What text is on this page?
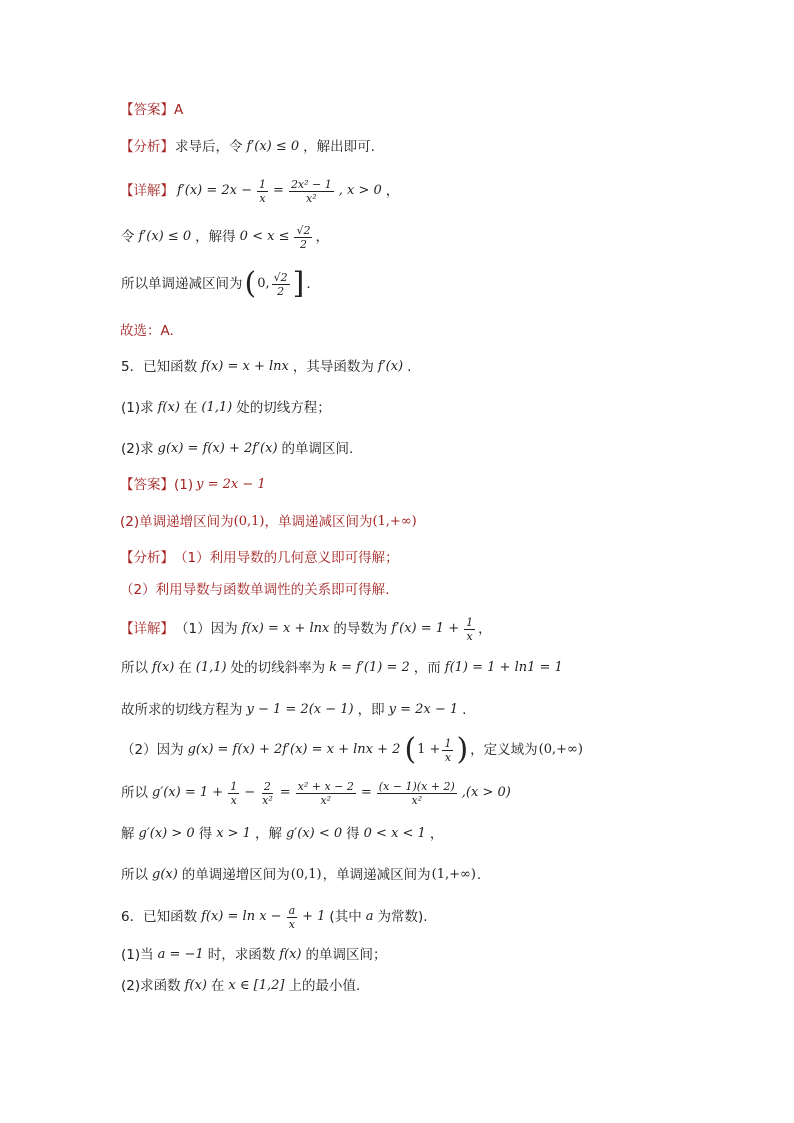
【答案】 A
【分析】 求导后，令 f′(x) ≤ 0 ，解出即可.
【详解】 $f'(x) = 2x - \frac{1}{x} = \frac{\text{2x² − 1}}{\text{x²}}$ , x > 0 ，
令 f′(x) ≤ 0 ，解得 $0 < x \le \frac{√2}{2}$ ，
所以单调递减区间为 ( 0, $\frac{√2}{2}$ ] .
故选：A.
5．已知函数 f(x) = x + lnx ，其导函数为 f′(x) .
(1)求 f(x) 在 (1,1) 处的切线方程；
(2)求 g(x) = f(x) + 2f′(x) 的单调区间.
【答案】 (1) y = 2x − 1
(2)单调递增区间为 (0,1) ，单调递减区间为 (1,+∞)
【分析】 （1）利用导数的几何意义即可得解；
（2）利用导数与函数单调性的关系即可得解.
【详解】 （1）因为 f(x) = x + lnx 的导数为 $f'(x) = 1 + \frac{1}{x}$ ，
所以 f(x) 在 (1,1) 处的切线斜率为 k = f′(1) = 2 ，而 f(1) = 1 + ln1 = 1
故所求的切线方程为 y − 1 = 2(x − 1) ，即 y = 2x − 1 .
（2）因为 g(x) = f(x) + 2f′(x) = x + lnx + 2 ( $1 + \frac{1}{x}$ ) ，定义域为 (0,+∞)
所以 $g'(x) = 1 + \frac{1}{x} - \frac{2}{\text{x²}} = \frac{\text{x² + x − 2}}{\text{x²}} = \frac{(x - 1)(x + 2)}{\text{x²}} ,(x > 0)$
解 g′(x) > 0 得 x > 1 ，解 g′(x) < 0 得 0 < x < 1 ，
所以 g(x) 的单调递增区间为 (0,1) ，单调递减区间为 (1,+∞) .
6．已知函数 $f(x) = \ln x - \frac{a}{x} + 1$ (其中 a 为常数).
(1)当 a = −1 时，求函数 f(x) 的单调区间；
(2)求函数 f(x) 在 x ∈ [1,2] 上的最小值.
